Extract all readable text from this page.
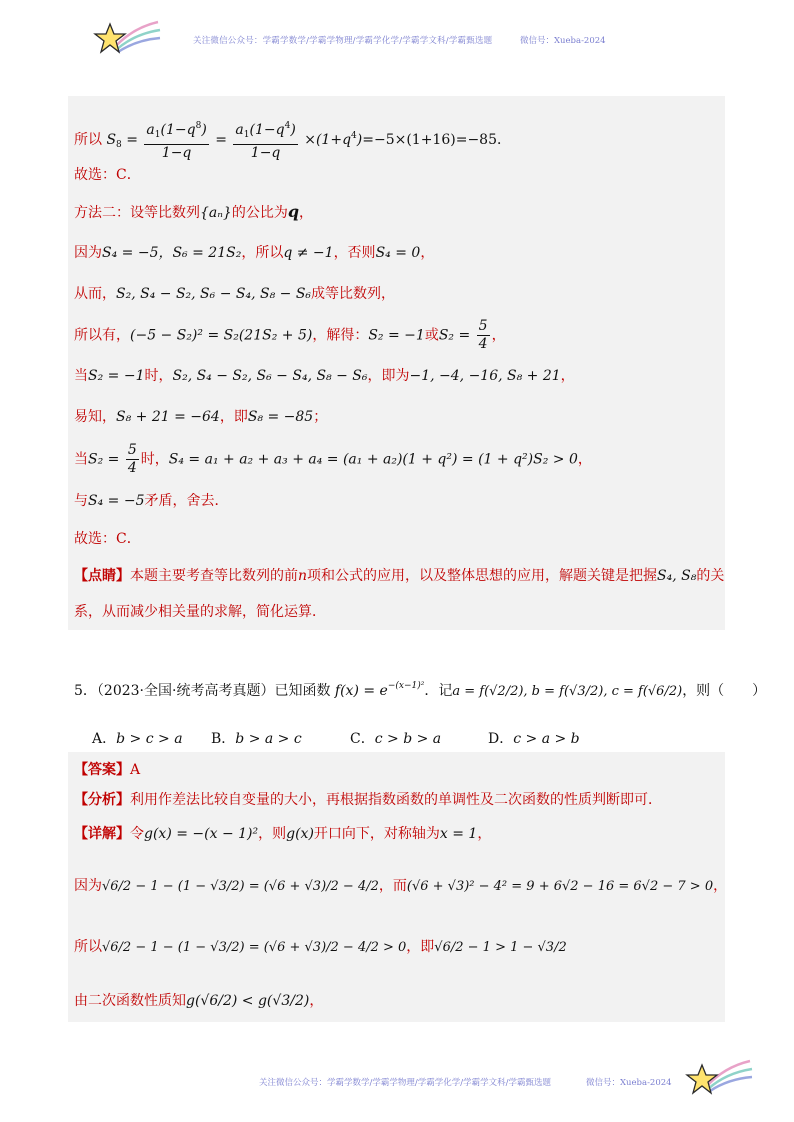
关注微信公众号：学霸学数学/学霸学物理/学霸学化学/学霸学文科/学霸甄选题	微信号：Xueba-2024
所以 $S_8 = \frac{a_1(1-q^8)}{1-q} = \frac{a_1(1-q^4)}{1-q} \times(1+q^4)=-5\times(1+16)=-85$．
故选：C．
方法二：设等比数列{aₙ}的公比为q，
因为S₄ = −5，S₆ = 21S₂，所以q ≠ −1，否则S₄ = 0，
从而，S₂, S₄ − S₂, S₆ − S₄, S₈ − S₆成等比数列，
所以有，(−5 − S₂)² = S₂(21S₂ + 5)，解得：S₂ = −1或$S_2 = \frac{5}{4}$ ，
当S₂ = −1时，S₂, S₄ − S₂, S₆ − S₄, S₈ − S₆，即为−1, −4, −16, S₈ + 21，
易知，S₈ + 21 = −64，即S₈ = −85；
当$S_2 = \frac{5}{4}$ 时，S₄ = a₁ + a₂ + a₃ + a₄ = (a₁ + a₂)(1 + q²) = (1 + q²)S₂ > 0，
与S₄ = −5矛盾，舍去．
故选：C．
【点睛】本题主要考查等比数列的前n项和公式的应用，以及整体思想的应用，解题关键是把握S₄, S₈的关
系，从而减少相关量的求解，简化运算．
5．（2023·全国·统考高考真题）已知函数 $f(x) = e^{-(x-1)^2}$．记a = f(√2/2), b = f(√3/2), c = f(√6/2)，则（　　）
A．b > c > a B．b > a > c	C．c > b > a	D．c > a > b
【答案】A
【分析】利用作差法比较自变量的大小，再根据指数函数的单调性及二次函数的性质判断即可．
【详解】令g(x) = −(x − 1)²，则g(x)开口向下，对称轴为x = 1，
因为√6/2 − 1 − (1 − √3/2) = (√6 + √3)/2 − 4/2，而(√6 + √3)² − 4² = 9 + 6√2 − 16 = 6√2 − 7 > 0，
所以√6/2 − 1 − (1 − √3/2) = (√6 + √3)/2 − 4/2 > 0，即√6/2 − 1 > 1 − √3/2
由二次函数性质知g(√6/2) < g(√3/2)，
关注微信公众号：学霸学数学/学霸学物理/学霸学化学/学霸学文科/学霸甄选题	微信号：Xueba-2024
